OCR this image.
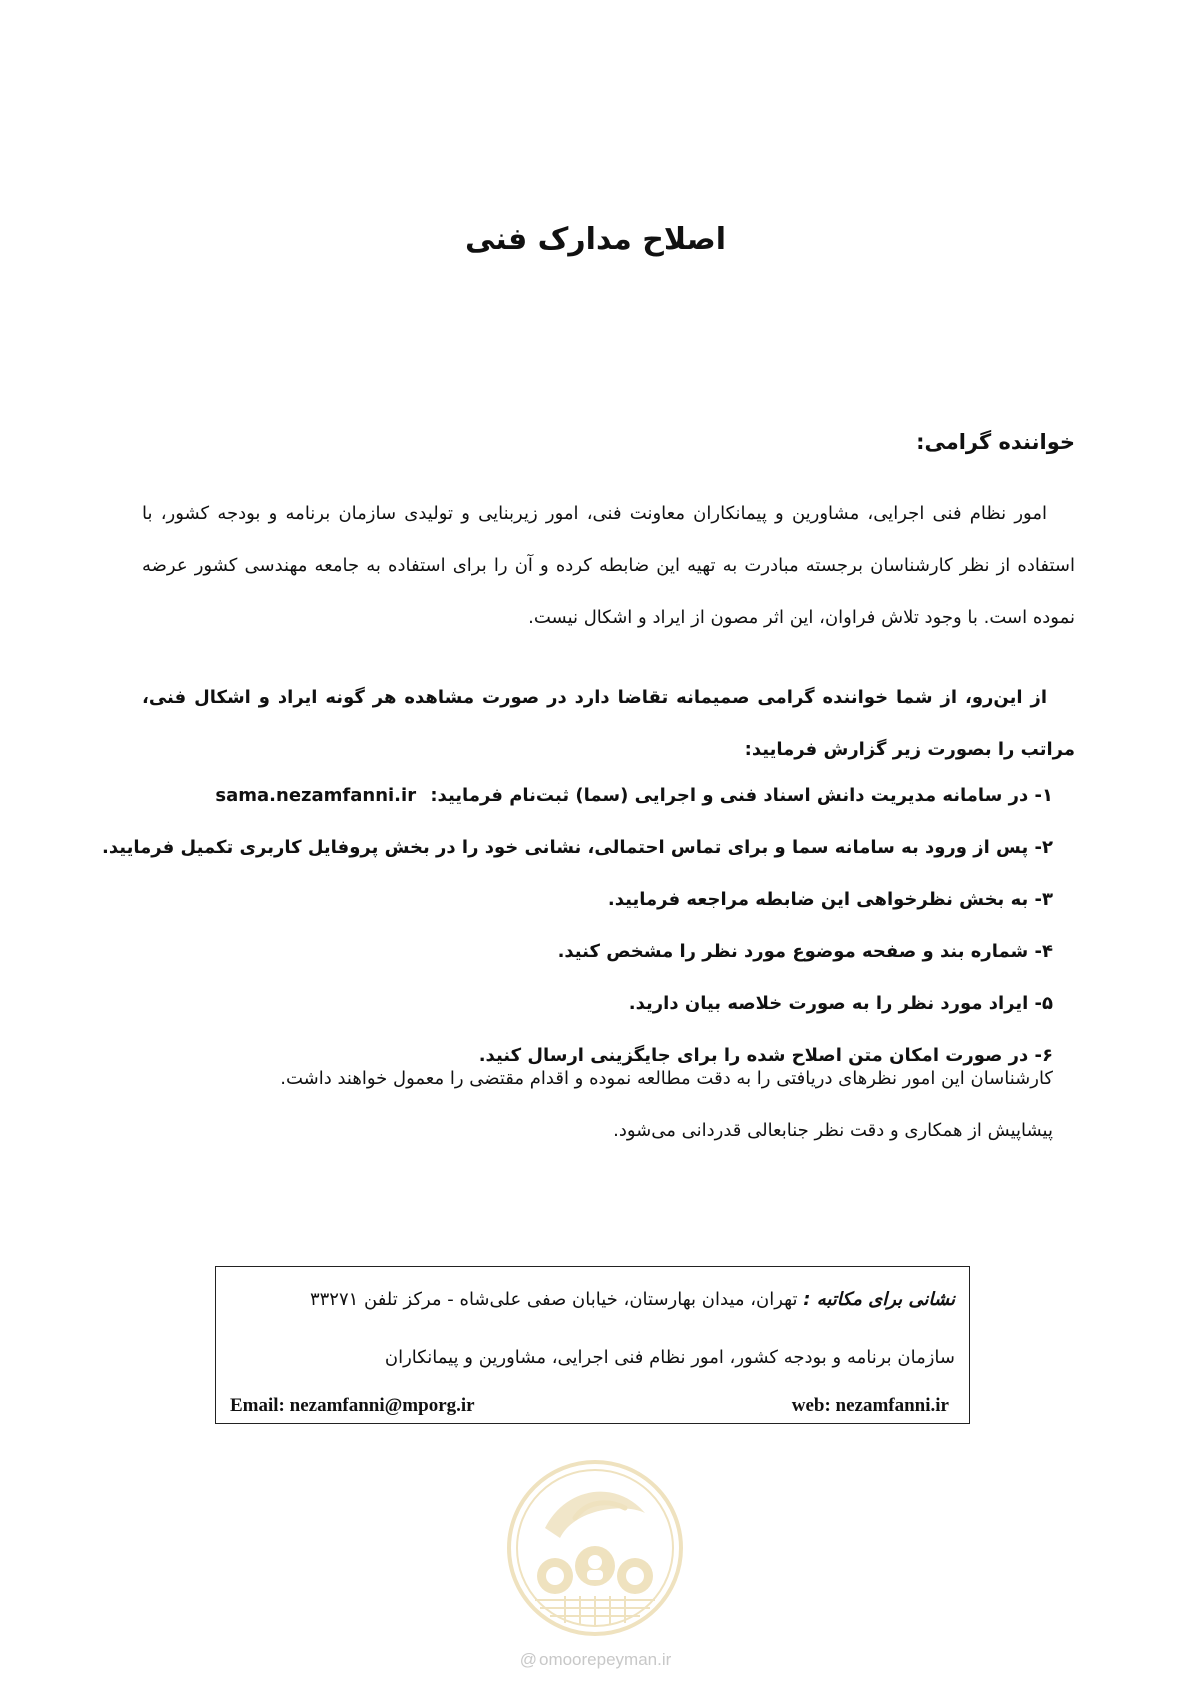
اصلاح مدارک فنی
خواننده گرامی:

امور نظام فنی اجرایی، مشاورین و پیمانکاران معاونت فنی، امور زیربنایی و تولیدی سازمان برنامه و بودجه کشور، با استفاده از نظر کارشناسان برجسته مبادرت به تهیه این ضابطه کرده و آن را برای استفاده به جامعه مهندسی کشور عرضه نموده است. با وجود تلاش فراوان، این اثر مصون از ایراد و اشکال نیست.

از این‌رو، از شما خواننده گرامی صمیمانه تقاضا دارد در صورت مشاهده هر گونه ایراد و اشکال فنی، مراتب را بصورت زیر گزارش فرمایید:

۱- در سامانه مدیریت دانش اسناد فنی و اجرایی (سما) ثبت‌نام فرمایید: sama.nezamfanni.ir
۲- پس از ورود به سامانه سما و برای تماس احتمالی، نشانی خود را در بخش پروفایل کاربری تکمیل فرمایید.
۳- به بخش نظرخواهی این ضابطه مراجعه فرمایید.
۴- شماره بند و صفحه موضوع مورد نظر را مشخص کنید.
۵- ایراد مورد نظر را به صورت خلاصه بیان دارید.
۶- در صورت امکان متن اصلاح شده را برای جایگزینی ارسال کنید.
کارشناسان این امور نظرهای دریافتی را به دقت مطالعه نموده و اقدام مقتضی را معمول خواهند داشت.
پیشاپیش از همکاری و دقت نظر جنابعالی قدردانی می‌شود.
نشانی برای مکاتبه : تهران، میدان بهارستان، خیابان صفی علی‌شاه - مرکز تلفن ۳۳۲۷۱
سازمان برنامه و بودجه کشور، امور نظام فنی اجرایی، مشاورین و پیمانکاران
Email: nezamfanni@mporg.ir	web: nezamfanni.ir
@ omoorepeyman.ir
